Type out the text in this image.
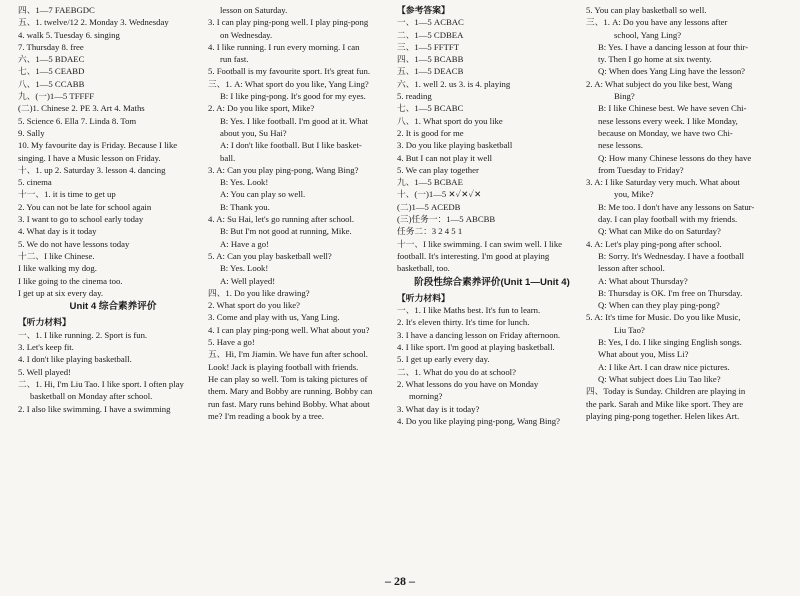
四、1—7 FAEBGDC
五、1. twelve/12 2. Monday 3. Wednesday
4. walk 5. Tuesday 6. singing
7. Thursday 8. free
六、1—5 BDAEC
七、1—5 CEABD
八、1—5 CCABB
九、(一)1—5 TFFFF
(二)1. Chinese 2. PE 3. Art 4. Maths
5. Science 6. Ella 7. Linda 8. Tom
9. Sally
10. My favourite day is Friday. Because I like
singing. I have a Music lesson on Friday.
十、1. up 2. Saturday 3. lesson 4. dancing
5. cinema
十一、1. it is time to get up
2. You can not be late for school again
3. I want to go to school early today
4. What day is it today
5. We do not have lessons today
十二、I like Chinese.
I like walking my dog.
I like going to the cinema too.
I get up at six every day.
Unit 4 综合素养评价
【听力材料】
一、1. I like running. 2. Sport is fun.
3. Let's keep fit.
4. I don't like playing basketball.
5. Well played!
二、1. Hi, I'm Liu Tao. I like sport. I often play
basketball on Monday after school.
2. I also like swimming. I have a swimming
lesson on Saturday.
3. I can play ping-pong well. I play ping-pong
on Wednesday.
4. I like running. I run every morning. I can
run fast.
5. Football is my favourite sport. It's great fun.
三、1. A: What sport do you like, Yang Ling?
B: I like ping-pong. It's good for my eyes.
2. A: Do you like sport, Mike?
B: Yes. I like football. I'm good at it. What
about you, Su Hai?
A: I don't like football. But I like basket-
ball.
3. A: Can you play ping-pong, Wang Bing?
B: Yes. Look!
A: You can play so well.
B: Thank you.
4. A: Su Hai, let's go running after school.
B: But I'm not good at running, Mike.
A: Have a go!
5. A: Can you play basketball well?
B: Yes. Look!
A: Well played!
四、1. Do you like drawing?
2. What sport do you like?
3. Come and play with us, Yang Ling.
4. I can play ping-pong well. What about you?
5. Have a go!
五、Hi, I'm Jiamin. We have fun after school.
Look! Jack is playing football with friends.
He can play so well. Tom is taking pictures of
them. Mary and Bobby are running. Bobby can
run fast. Mary runs behind Bobby. What about
me? I'm reading a book by a tree.
【参考答案】
一、1—5 ACBAC
二、1—5 CDBEA
三、1—5 FFTFT
四、1—5 BCABB
五、1—5 DEACB
六、1. well 2. us 3. is 4. playing
5. reading
七、1—5 BCABC
八、1. What sport do you like
2. It is good for me
3. Do you like playing basketball
4. But I can not play it well
5. We can play together
九、1—5 BCBAE
十、(一)1—5 ✕✓✕✓✕
(二)1—5 ACEDB
(三)任务一：1—5 ABCBB
任务二：3 2 4 5 1
十一、I like swimming. I can swim well. I like
football. It's interesting. I'm good at playing
basketball, too.
阶段性综合素养评价(Unit 1—Unit 4)
【听力材料】
一、1. I like Maths best. It's fun to learn.
2. It's eleven thirty. It's time for lunch.
3. I have a dancing lesson on Friday afternoon.
4. I like sport. I'm good at playing basketball.
5. I get up early every day.
二、1. What do you do at school?
2. What lessons do you have on Monday
morning?
3. What day is it today?
4. Do you like playing ping-pong, Wang Bing?
5. You can play basketball so well.
三、1. A: Do you have any lessons after
school, Yang Ling?
B: Yes. I have a dancing lesson at four thir-
ty. Then I go home at six twenty.
Q: When does Yang Ling have the lesson?
2. A: What subject do you like best, Wang
Bing?
B: I like Chinese best. We have seven Chi-
nese lessons every week. I like Monday,
because on Monday, we have two Chi-
nese lessons.
Q: How many Chinese lessons do they have
from Tuesday to Friday?
3. A: I like Saturday very much. What about
you, Mike?
B: Me too. I don't have any lessons on Satur-
day. I can play football with my friends.
Q: What can Mike do on Saturday?
4. A: Let's play ping-pong after school.
B: Sorry. It's Wednesday. I have a football
lesson after school.
A: What about Thursday?
B: Thursday is OK. I'm free on Thursday.
Q: When can they play ping-pong?
5. A: It's time for Music. Do you like Music,
Liu Tao?
B: Yes, I do. I like singing English songs.
What about you, Miss Li?
A: I like Art. I can draw nice pictures.
Q: What subject does Liu Tao like?
四、Today is Sunday. Children are playing in
the park. Sarah and Mike like sport. They are
playing ping-pong together. Helen likes Art.
– 28 –
